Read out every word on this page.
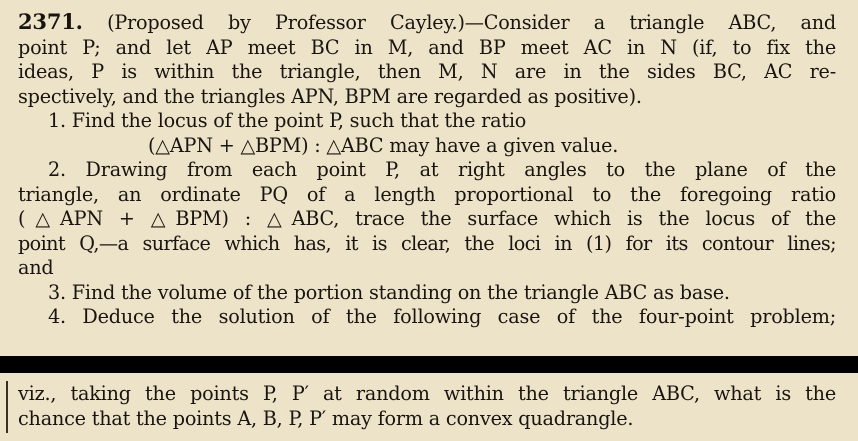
2371. (Proposed by Professor Cayley.)—Consider a triangle ABC, and
point P; and let AP meet BC in M, and BP meet AC in N (if, to fix the
ideas, P is within the triangle, then M, N are in the sides BC, AC re-
spectively, and the triangles APN, BPM are regarded as positive).
1. Find the locus of the point P, such that the ratio
(△APN + △BPM) : △ABC may have a given value.
2. Drawing from each point P, at right angles to the plane of the
triangle, an ordinate PQ of a length proportional to the foregoing ratio
(△APN + △BPM) : △ABC, trace the surface which is the locus of the
point Q,—a surface which has, it is clear, the loci in (1) for its contour lines;
and
3. Find the volume of the portion standing on the triangle ABC as base.
4. Deduce the solution of the following case of the four-point problem;
viz., taking the points P, P′ at random within the triangle ABC, what is the
chance that the points A, B, P, P′ may form a convex quadrangle.
